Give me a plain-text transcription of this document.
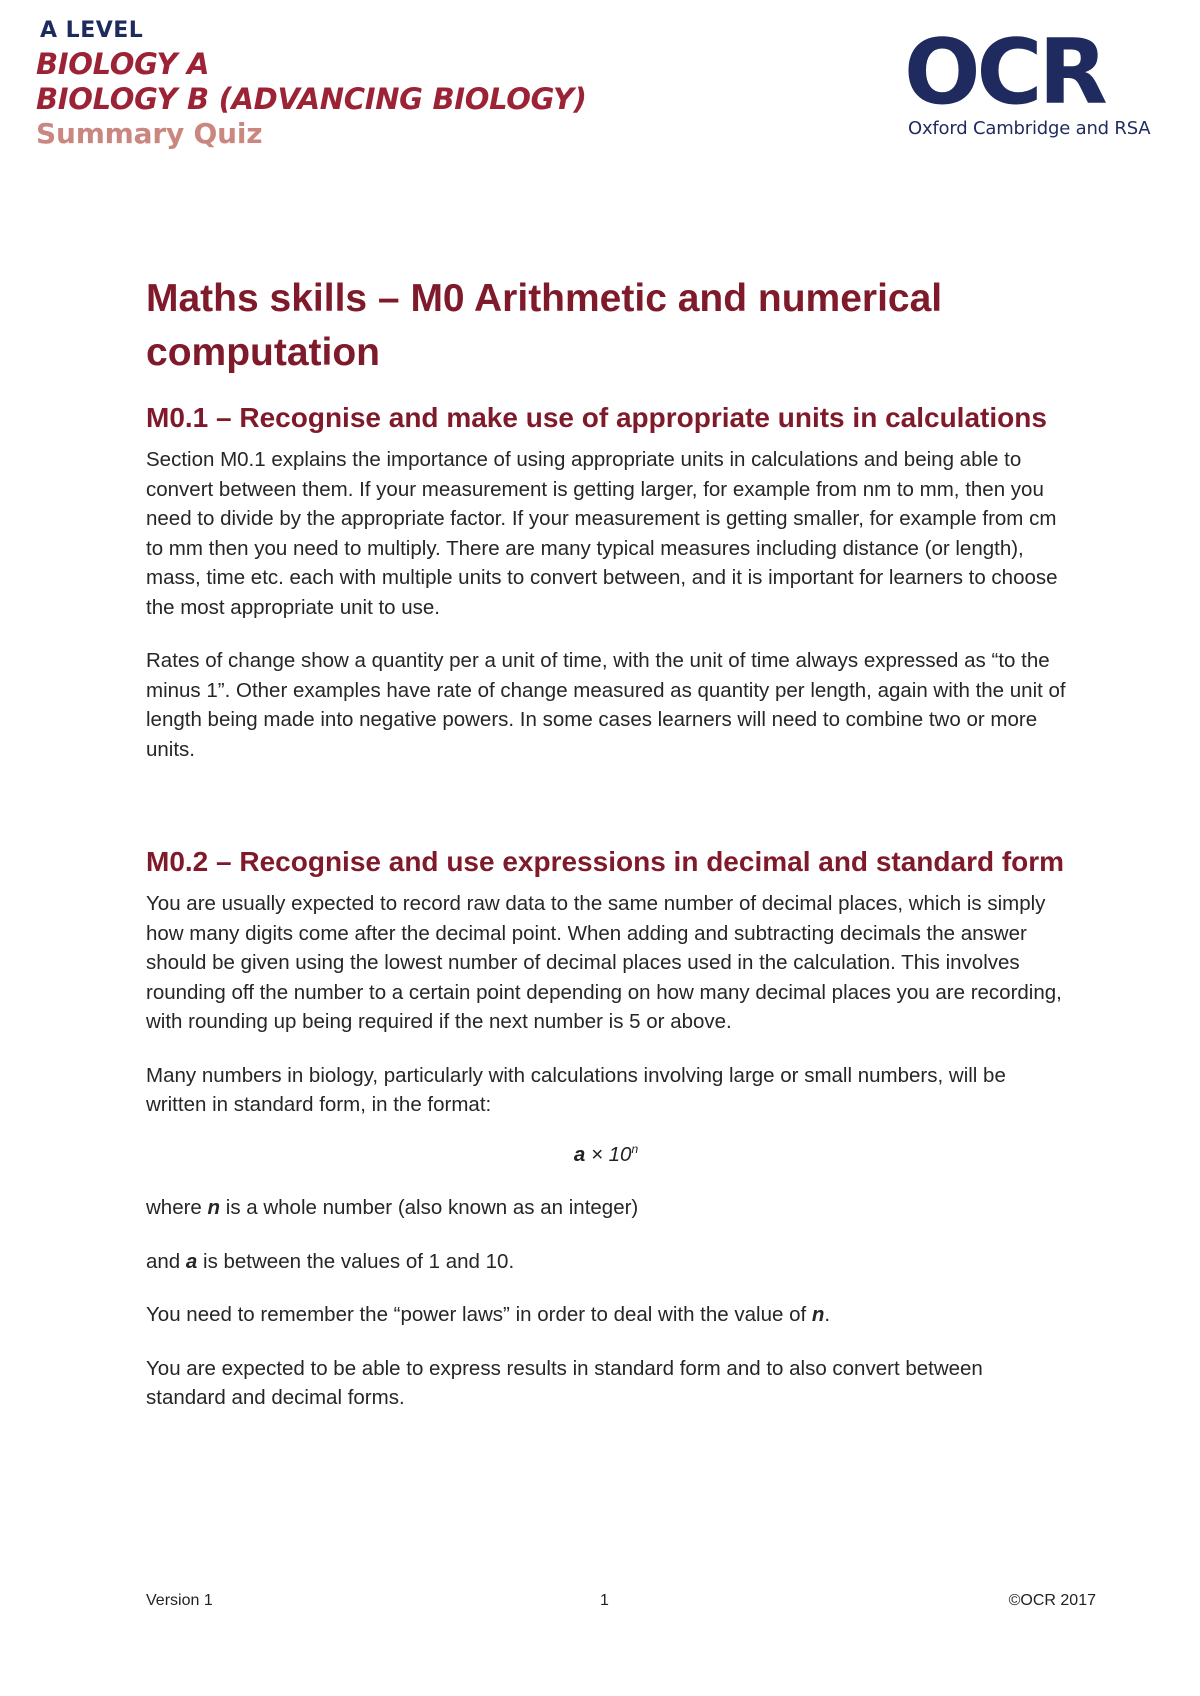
A LEVEL
BIOLOGY A
BIOLOGY B (ADVANCING BIOLOGY)
Summary Quiz
OCR
Oxford Cambridge and RSA
Maths skills – M0 Arithmetic and numerical computation
M0.1 – Recognise and make use of appropriate units in calculations

Section M0.1 explains the importance of using appropriate units in calculations and being able to convert between them. If your measurement is getting larger, for example from nm to mm, then you need to divide by the appropriate factor. If your measurement is getting smaller, for example from cm to mm then you need to multiply. There are many typical measures including distance (or length), mass, time etc. each with multiple units to convert between, and it is important for learners to choose the most appropriate unit to use.

Rates of change show a quantity per a unit of time, with the unit of time always expressed as “to the minus 1”. Other examples have rate of change measured as quantity per length, again with the unit of length being made into negative powers. In some cases learners will need to combine two or more units.

M0.2 – Recognise and use expressions in decimal and standard form

You are usually expected to record raw data to the same number of decimal places, which is simply how many digits come after the decimal point. When adding and subtracting decimals the answer should be given using the lowest number of decimal places used in the calculation. This involves rounding off the number to a certain point depending on how many decimal places you are recording, with rounding up being required if the next number is 5 or above.

Many numbers in biology, particularly with calculations involving large or small numbers, will be written in standard form, in the format:

$a \times 10^n$

where n is a whole number (also known as an integer)

and a is between the values of 1 and 10.

You need to remember the “power laws” in order to deal with the value of n.

You are expected to be able to express results in standard form and to also convert between standard and decimal forms.

Version 1	1	©OCR 2017
